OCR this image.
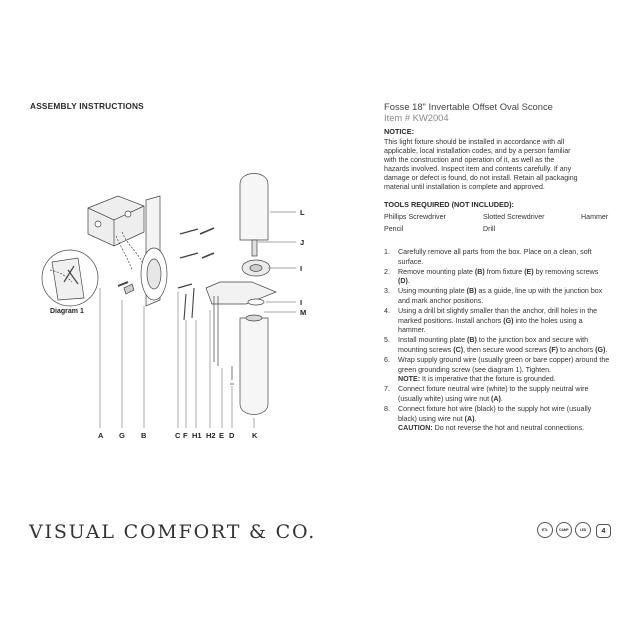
ASSEMBLY INSTRUCTIONS	Fosse 18" Invertable Offset Oval Sconce
Item # KW2004
NOTICE:
This light fixture should be installed in accordance with all
applicable, local installation codes, and by a person familiar
with the construction and operation of it, as well as the
hazards involved. Inspect item and contents carefully. If any
damage or defect is found, do not install. Retain all packaging
material until installation is complete and approved.
TOOLS REQUIRED (NOT INCLUDED):
Phillips Screwdriver	Slotted Screwdriver	Hammer
Pencil	Drill
1.	Carefully remove all parts from the box. Place on a clean, soft surface.
2.	Remove mounting plate (B) from fixture (E) by removing screws (D).
3.	Using mounting plate (B) as a guide, line up with the junction box and mark anchor positions.
4.	Using a drill bit slightly smaller than the anchor, drill holes in the marked positions. Install anchors (G) into the holes using a hammer.
5.	Install mounting plate (B) to the junction box and secure with mounting screws (C), then secure wood screws (F) to anchors (G).
6.	Wrap supply ground wire (usually green or bare copper) around the green grounding screw (see diagram 1). Tighten.
NOTE: It is imperative that the fixture is grounded.
7.	Connect fixture neutral wire (white) to the supply neutral wire (usually white) using wire nut (A).
8.	Connect fixture hot wire (black) to the supply hot wire (usually black) using wire nut (A).
CAUTION: Do not reverse the hot and neutral connections.
Diagram 1
L
J
I
I
M
A G B	C F H1 H2 E D K
VISUAL COMFORT & CO.	ETL	DAMP	LED	4
